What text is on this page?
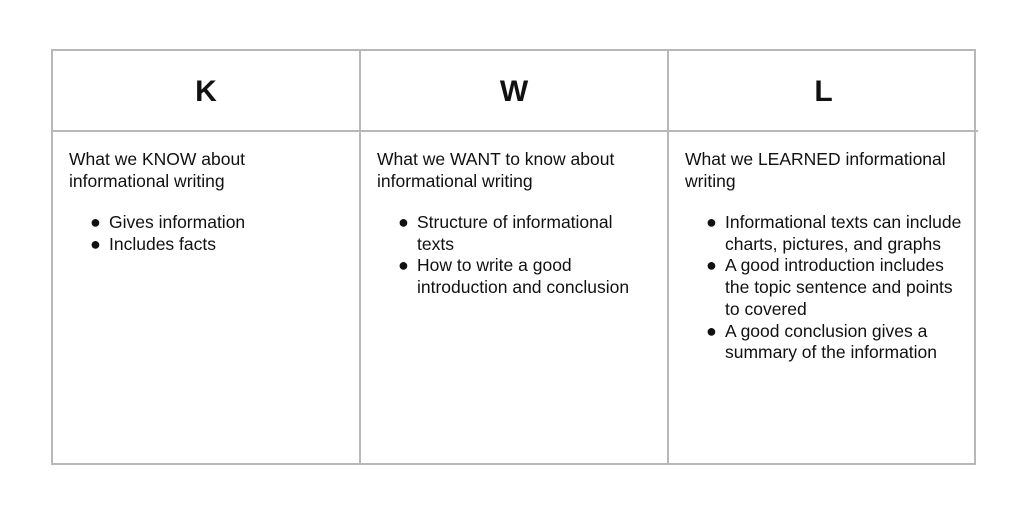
K	W	L

What we KNOW about informational writing

● Gives information
● Includes facts

What we WANT to know about informational writing

● Structure of informational texts
● How to write a good introduction and conclusion

What we LEARNED informational writing

● Informational texts can include charts, pictures, and graphs
● A good introduction includes the topic sentence and points to covered
● A good conclusion gives a summary of the information
